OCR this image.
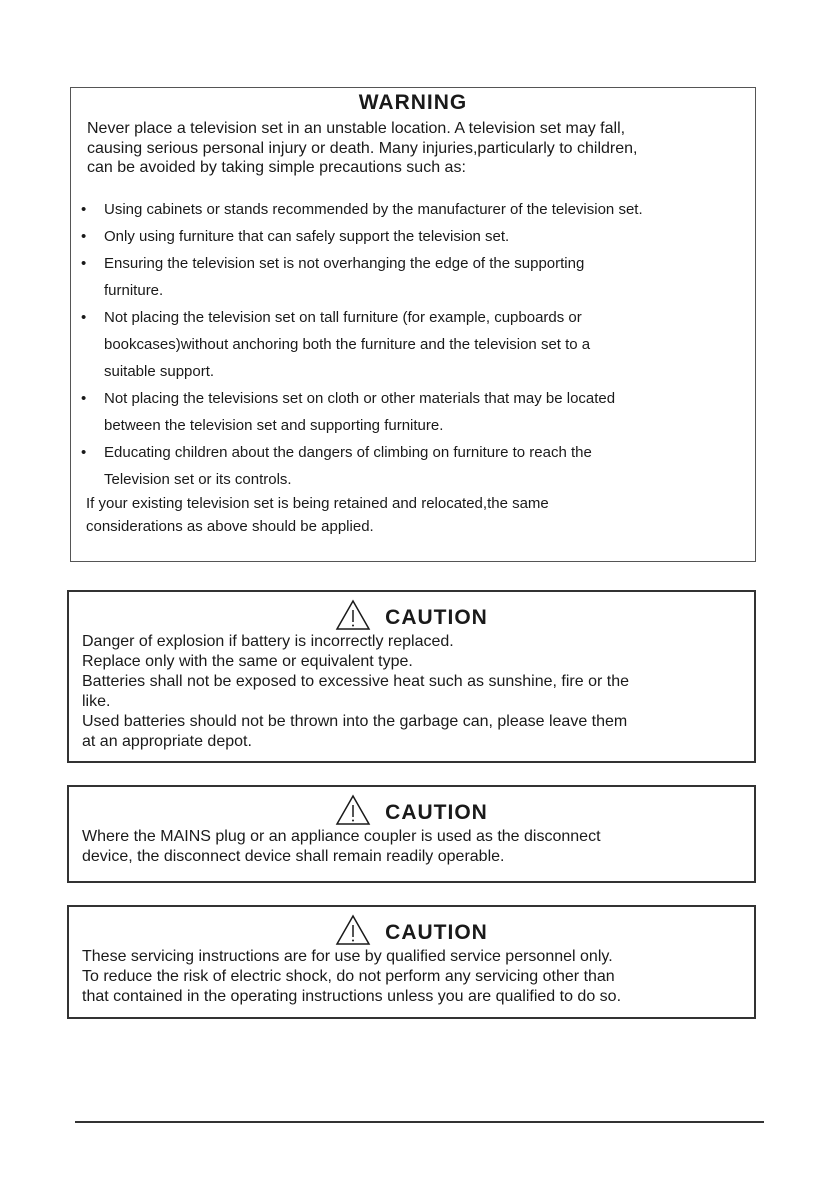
WARNING
Never place a television set in an unstable location. A television set may fall,
causing serious personal injury or death. Many injuries,particularly to children,
can be avoided by taking simple precautions such as:
• Using cabinets or stands recommended by the manufacturer of the television set.
• Only using furniture that can safely support the television set.
• Ensuring the television set is not overhanging the edge of the supporting
furniture.
• Not placing the television set on tall furniture (for example, cupboards or
bookcases)without anchoring both the furniture and the television set to a
suitable support.
• Not placing the televisions set on cloth or other materials that may be located
between the television set and supporting furniture.
• Educating children about the dangers of climbing on furniture to reach the
Television set or its controls.
If your existing television set is being retained and relocated,the same
considerations as above should be applied.
CAUTION
Danger of explosion if battery is incorrectly replaced.
Replace only with the same or equivalent type.
Batteries shall not be exposed to excessive heat such as sunshine, fire or the
like.
Used batteries should not be thrown into the garbage can, please leave them
at an appropriate depot.
CAUTION
Where the MAINS plug or an appliance coupler is used as the disconnect
device, the disconnect device shall remain readily operable.
CAUTION
These servicing instructions are for use by qualified service personnel only.
To reduce the risk of electric shock, do not perform any servicing other than
that contained in the operating instructions unless you are qualified to do so.
